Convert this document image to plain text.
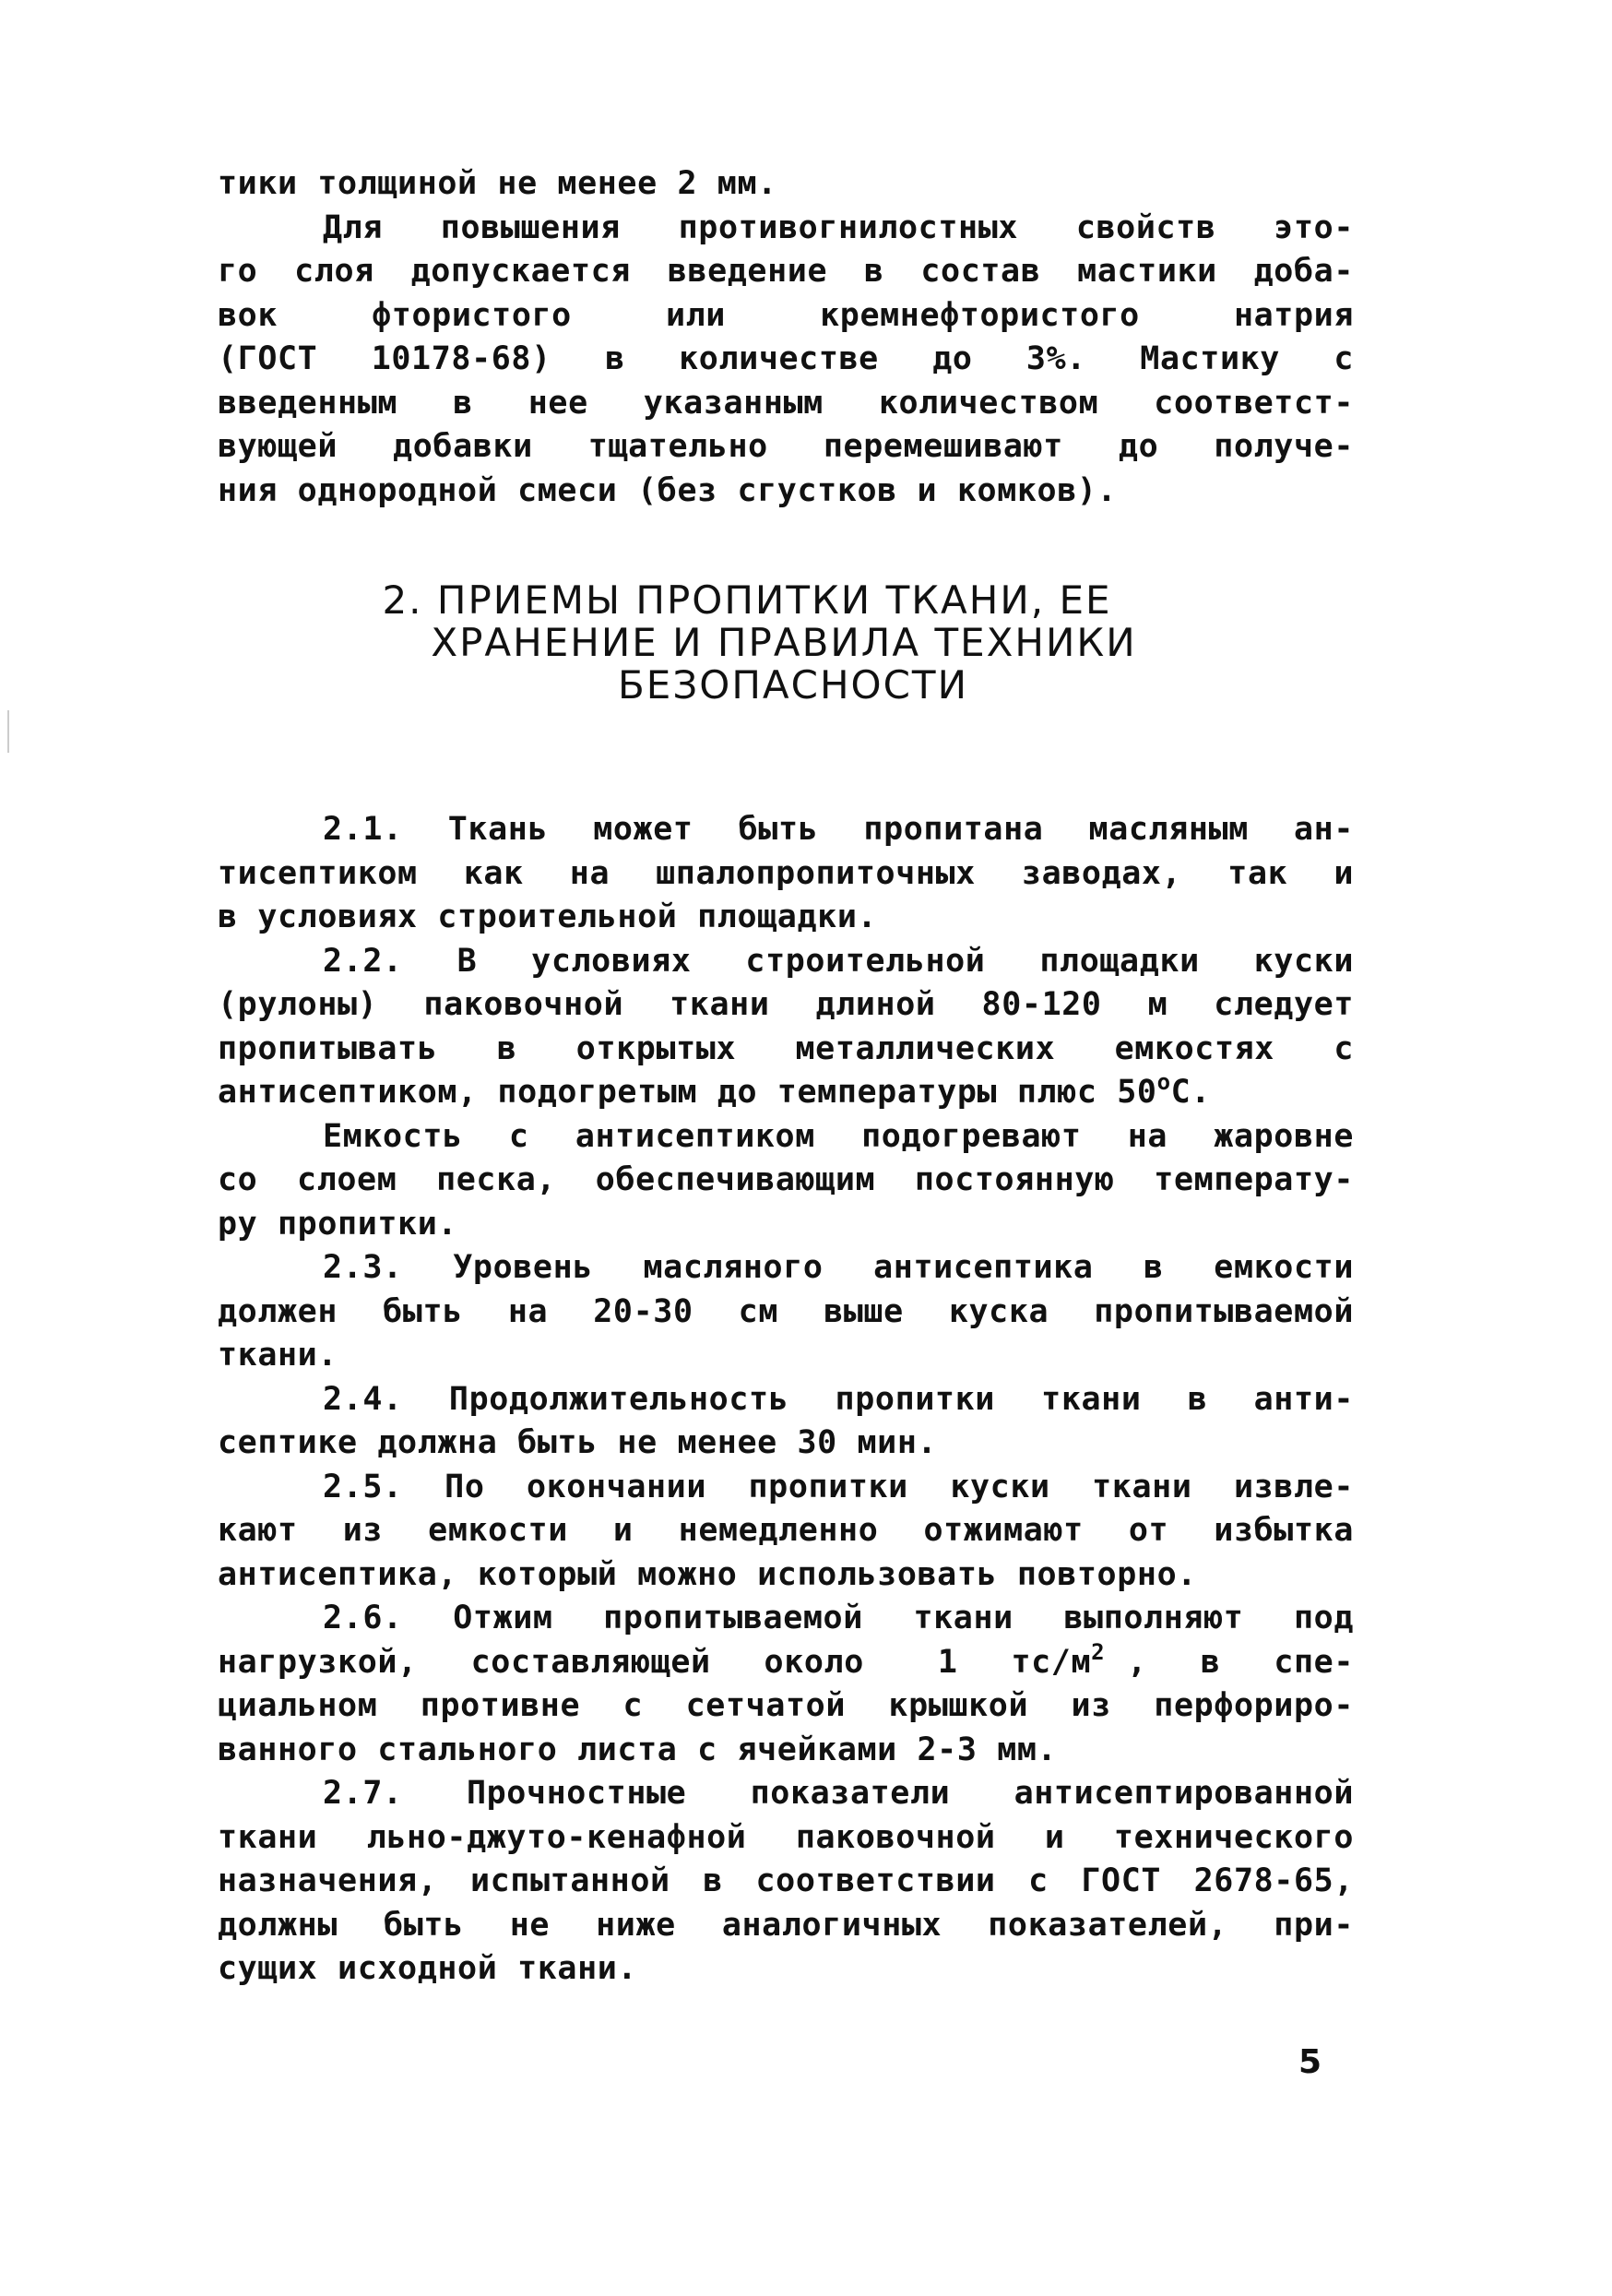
тики толщиной не менее 2 мм.
Для повышения противогнилостных свойств это-
го слоя допускается введение в состав мастики доба-
вок фтористого или кремнефтористого натрия
(ГОСТ 10178-68) в количестве до 3%. Мастику с
введенным в нее указанным количеством соответст-
вующей добавки тщательно перемешивают до получе-
ния однородной смеси (без сгустков и комков).
2. ПРИЕМЫ ПРОПИТКИ ТКАНИ, ЕЕ
ХРАНЕНИЕ И ПРАВИЛА ТЕХНИКИ
БЕЗОПАСНОСТИ
2.1. Ткань может быть пропитана масляным ан-
тисептиком как на шпалопропиточных заводах, так и
в условиях строительной площадки.
2.2. В условиях строительной площадки куски
(рулоны) паковочной ткани длиной 80-120 м следует
пропитывать в открытых металлических емкостях с
антисептиком, подогретым до температуры плюс 50$^o$C.
Емкость с антисептиком подогревают на жаровне
со слоем песка, обеспечивающим постоянную температу-
ру пропитки.
2.3. Уровень масляного антисептика в емкости
должен быть на 20-30 см выше куска пропитываемой
ткани.
2.4. Продолжительность пропитки ткани в анти-
септике должна быть не менее 30 мин.
2.5. По окончании пропитки куски ткани извле-
кают из емкости и немедленно отжимают от избытка
антисептика, который можно использовать повторно.
2.6. Отжим пропитываемой ткани выполняют под
нагрузкой, составляющей около 1 $тс/м^2$ , в спе-
циальном противне с сетчатой крышкой из перфориро-
ванного стального листа с ячейками 2-3 мм.
2.7. Прочностные показатели антисептированной
ткани льно-джуто-кенафной паковочной и технического
назначения, испытанной в соответствии с ГОСТ 2678-65,
должны быть не ниже аналогичных показателей, при-
сущих исходной ткани.
5
